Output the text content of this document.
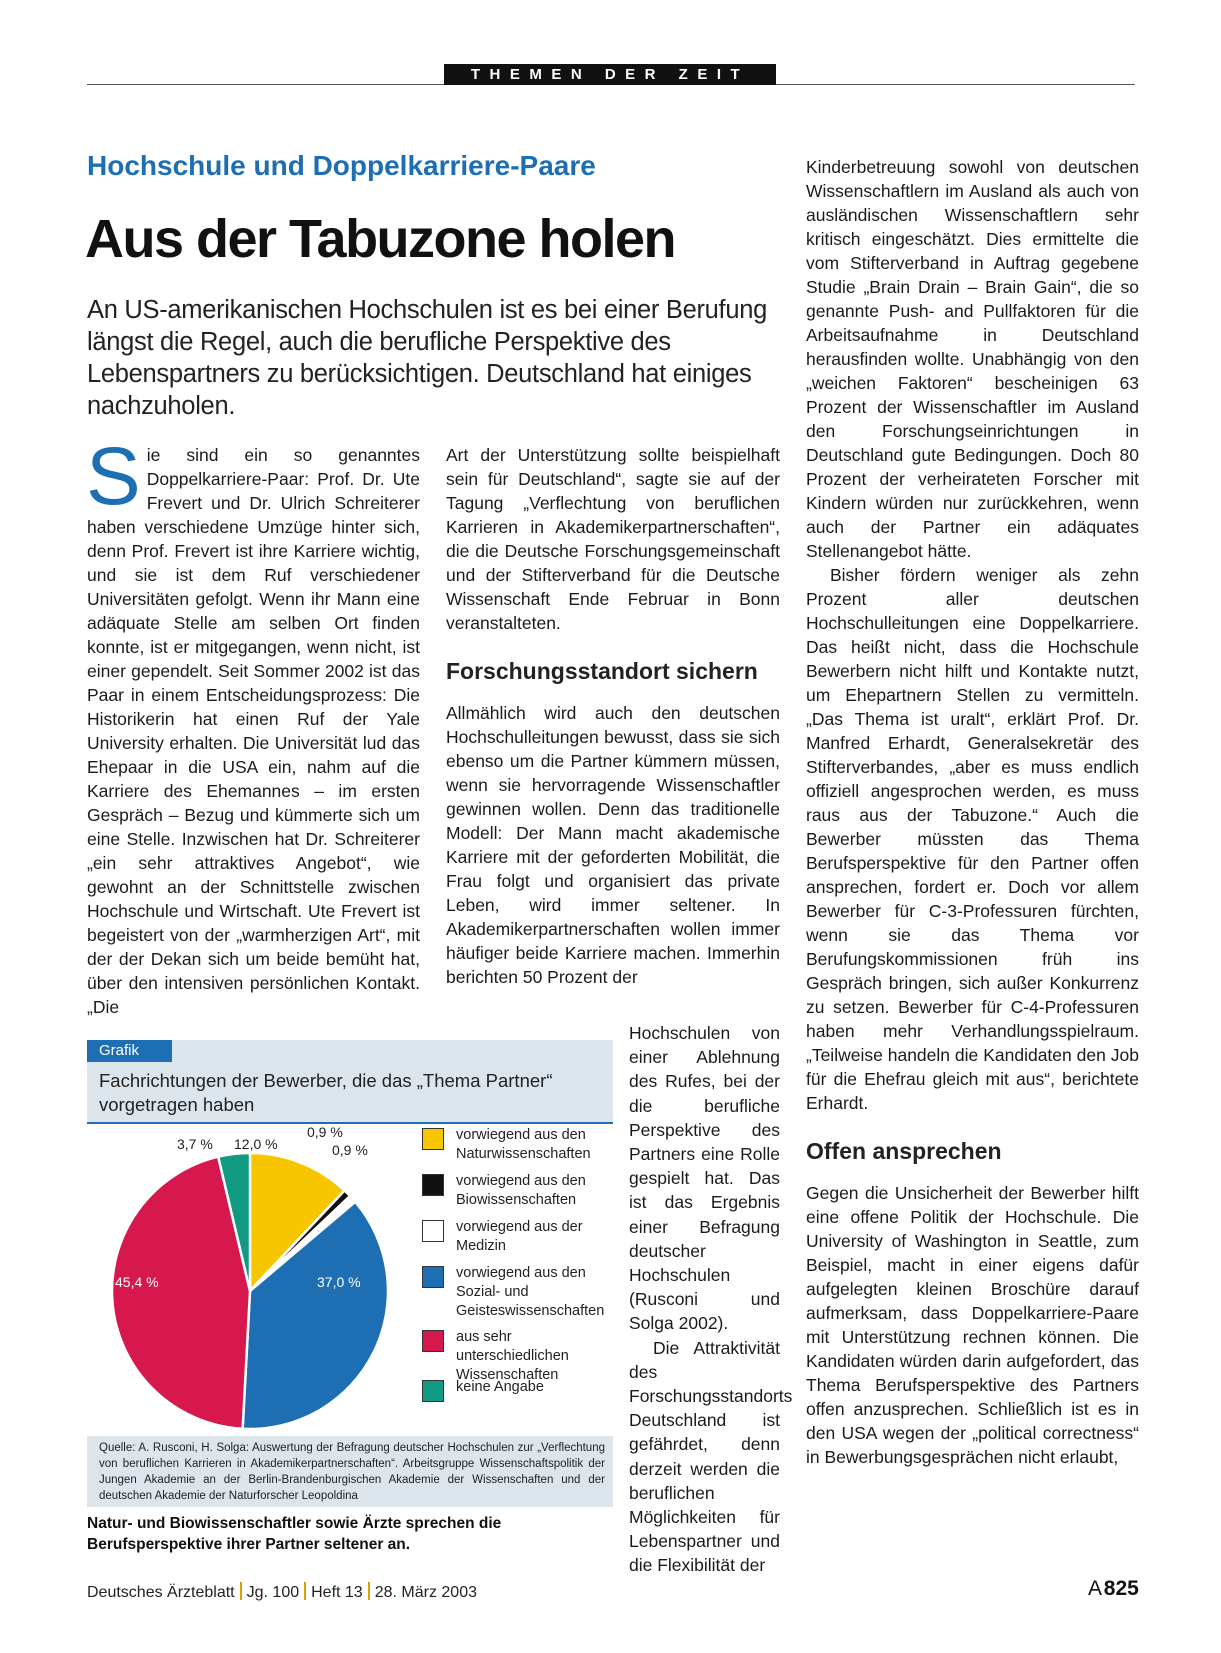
THEMEN DER ZEIT
Hochschule und Doppelkarriere-Paare
Aus der Tabuzone holen
An US-amerikanischen Hochschulen ist es bei einer Berufung längst die Regel, auch die berufliche Perspektive des Lebenspartners zu berücksichtigen. Deutschland hat einiges nachzuholen.

Sie sind ein so genanntes Doppelkarriere-Paar: Prof. Dr. Ute Frevert und Dr. Ulrich Schreiterer haben verschiedene Umzüge hinter sich, denn Prof. Frevert ist ihre Karriere wichtig, und sie ist dem Ruf verschiedener Universitäten gefolgt. Wenn ihr Mann eine adäquate Stelle am selben Ort finden konnte, ist er mitgegangen, wenn nicht, ist einer gependelt. Seit Sommer 2002 ist das Paar in einem Entscheidungsprozess: Die Historikerin hat einen Ruf der Yale University erhalten. Die Universität lud das Ehepaar in die USA ein, nahm auf die Karriere des Ehemannes – im ersten Gespräch – Bezug und kümmerte sich um eine Stelle. Inzwischen hat Dr. Schreiterer „ein sehr attraktives Angebot“, wie gewohnt an der Schnittstelle zwischen Hochschule und Wirtschaft. Ute Frevert ist begeistert von der „warmherzigen Art“, mit der der Dekan sich um beide bemüht hat, über den intensiven persönlichen Kontakt. „Die

Art der Unterstützung sollte beispielhaft sein für Deutschland“, sagte sie auf der Tagung „Verflechtung von beruflichen Karrieren in Akademikerpartnerschaften“, die die Deutsche Forschungsgemeinschaft und der Stifterverband für die Deutsche Wissenschaft Ende Februar in Bonn veranstalteten.

Forschungsstandort sichern

Allmählich wird auch den deutschen Hochschulleitungen bewusst, dass sie sich ebenso um die Partner kümmern müssen, wenn sie hervorragende Wissenschaftler gewinnen wollen. Denn das traditionelle Modell: Der Mann macht akademische Karriere mit der geforderten Mobilität, die Frau folgt und organisiert das private Leben, wird immer seltener. In Akademikerpartnerschaften wollen immer häufiger beide Karriere machen. Immerhin berichten 50 Prozent der

Hochschulen von einer Ablehnung des Rufes, bei der die berufliche Perspektive des Partners eine Rolle gespielt hat. Das ist das Ergebnis einer Befragung deutscher Hochschulen (Rusconi und Solga 2002).

Die Attraktivität des Forschungsstandorts Deutschland ist gefährdet, denn derzeit werden die beruflichen Möglichkeiten für Lebenspartner und die Flexibilität der

Kinderbetreuung sowohl von deutschen Wissenschaftlern im Ausland als auch von ausländischen Wissenschaftlern sehr kritisch eingeschätzt. Dies ermittelte die vom Stifterverband in Auftrag gegebene Studie „Brain Drain – Brain Gain“, die so genannte Push- and Pullfaktoren für die Arbeitsaufnahme in Deutschland herausfinden wollte. Unabhängig von den „weichen Faktoren“ bescheinigen 63 Prozent der Wissenschaftler im Ausland den Forschungseinrichtungen in Deutschland gute Bedingungen. Doch 80 Prozent der verheirateten Forscher mit Kindern würden nur zurückkehren, wenn auch der Partner ein adäquates Stellenangebot hätte.

Bisher fördern weniger als zehn Prozent aller deutschen Hochschulleitungen eine Doppelkarriere. Das heißt nicht, dass die Hochschule Bewerbern nicht hilft und Kontakte nutzt, um Ehepartnern Stellen zu vermitteln. „Das Thema ist uralt“, erklärt Prof. Dr. Manfred Erhardt, Generalsekretär des Stifterverbandes, „aber es muss endlich offiziell angesprochen werden, es muss raus aus der Tabuzone.“ Auch die Bewerber müssten das Thema Berufsperspektive für den Partner offen ansprechen, fordert er. Doch vor allem Bewerber für C-3-Professuren fürchten, wenn sie das Thema vor Berufungskommissionen früh ins Gespräch bringen, sich außer Konkurrenz zu setzen. Bewerber für C-4-Professuren haben mehr Verhandlungsspielraum. „Teilweise handeln die Kandidaten den Job für die Ehefrau gleich mit aus“, berichtete Erhardt.

Offen ansprechen

Gegen die Unsicherheit der Bewerber hilft eine offene Politik der Hochschule. Die University of Washington in Seattle, zum Beispiel, macht in einer eigens dafür aufgelegten kleinen Broschüre darauf aufmerksam, dass Doppelkarriere-Paare mit Unterstützung rechnen können. Die Kandidaten würden darin aufgefordert, das Thema Berufsperspektive des Partners offen anzusprechen. Schließlich ist es in den USA wegen der „political correctness“ in Bewerbungsgesprächen nicht erlaubt,

Grafik
Fachrichtungen der Bewerber, die das „Thema Partner“ vorgetragen haben
12,0 %
0,9 %
0,9 %
37,0 %
45,4 %
3,7 %
vorwiegend aus den Naturwissenschaften
vorwiegend aus den Biowissenschaften
vorwiegend aus der Medizin
vorwiegend aus den Sozial- und Geisteswissenschaften
aus sehr unterschiedlichen Wissenschaften
keine Angabe
Quelle: A. Rusconi, H. Solga: Auswertung der Befragung deutscher Hochschulen zur „Verflechtung von beruflichen Karrieren in Akademikerpartnerschaften“. Arbeitsgruppe Wissenschaftspolitik der Jungen Akademie an der Berlin-Brandenburgischen Akademie der Wissenschaften und der deutschen Akademie der Naturforscher Leopoldina
Natur- und Biowissenschaftler sowie Ärzte sprechen die Berufsperspektive ihrer Partner seltener an.
Deutsches Ärzteblatt Jg. 100 Heft 13 28. März 2003	A 825
